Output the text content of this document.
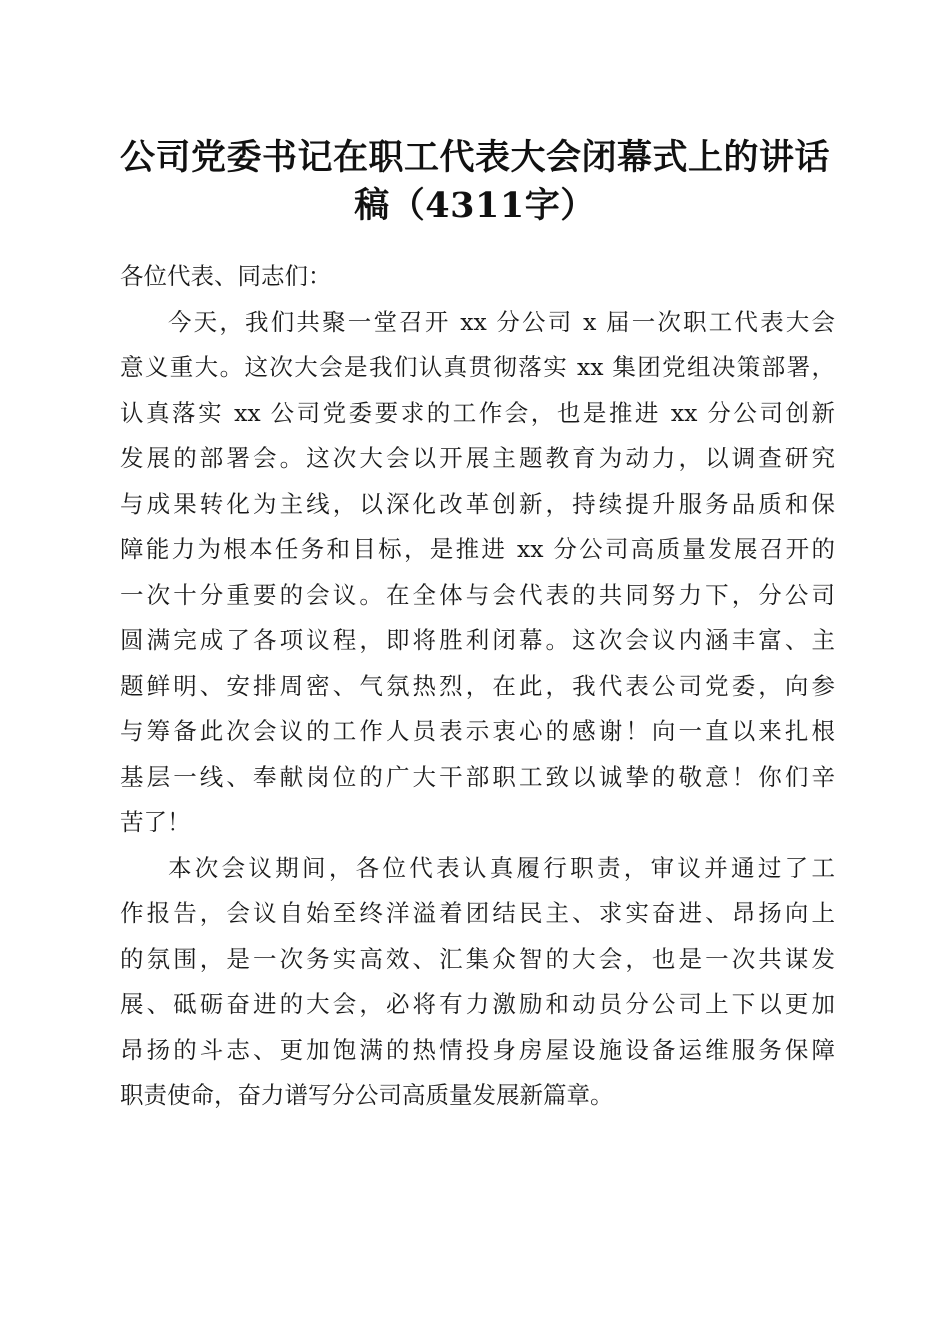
公司党委书记在职工代表大会闭幕式上的讲话
稿（4311字）

各位代表、同志们：

今天，我们共聚一堂召开 xx 分公司 x 届一次职工代表大会
意义重大。这次大会是我们认真贯彻落实 xx 集团党组决策部署，
认真落实 xx 公司党委要求的工作会，也是推进 xx 分公司创新
发展的部署会。这次大会以开展主题教育为动力，以调查研究
与成果转化为主线，以深化改革创新，持续提升服务品质和保
障能力为根本任务和目标，是推进 xx 分公司高质量发展召开的
一次十分重要的会议。在全体与会代表的共同努力下，分公司
圆满完成了各项议程，即将胜利闭幕。这次会议内涵丰富、主
题鲜明、安排周密、气氛热烈，在此，我代表公司党委，向参
与筹备此次会议的工作人员表示衷心的感谢！向一直以来扎根
基层一线、奉献岗位的广大干部职工致以诚挚的敬意！你们辛
苦了！
本次会议期间，各位代表认真履行职责，审议并通过了工
作报告，会议自始至终洋溢着团结民主、求实奋进、昂扬向上
的氛围，是一次务实高效、汇集众智的大会，也是一次共谋发
展、砥砺奋进的大会，必将有力激励和动员分公司上下以更加
昂扬的斗志、更加饱满的热情投身房屋设施设备运维服务保障
职责使命，奋力谱写分公司高质量发展新篇章。
